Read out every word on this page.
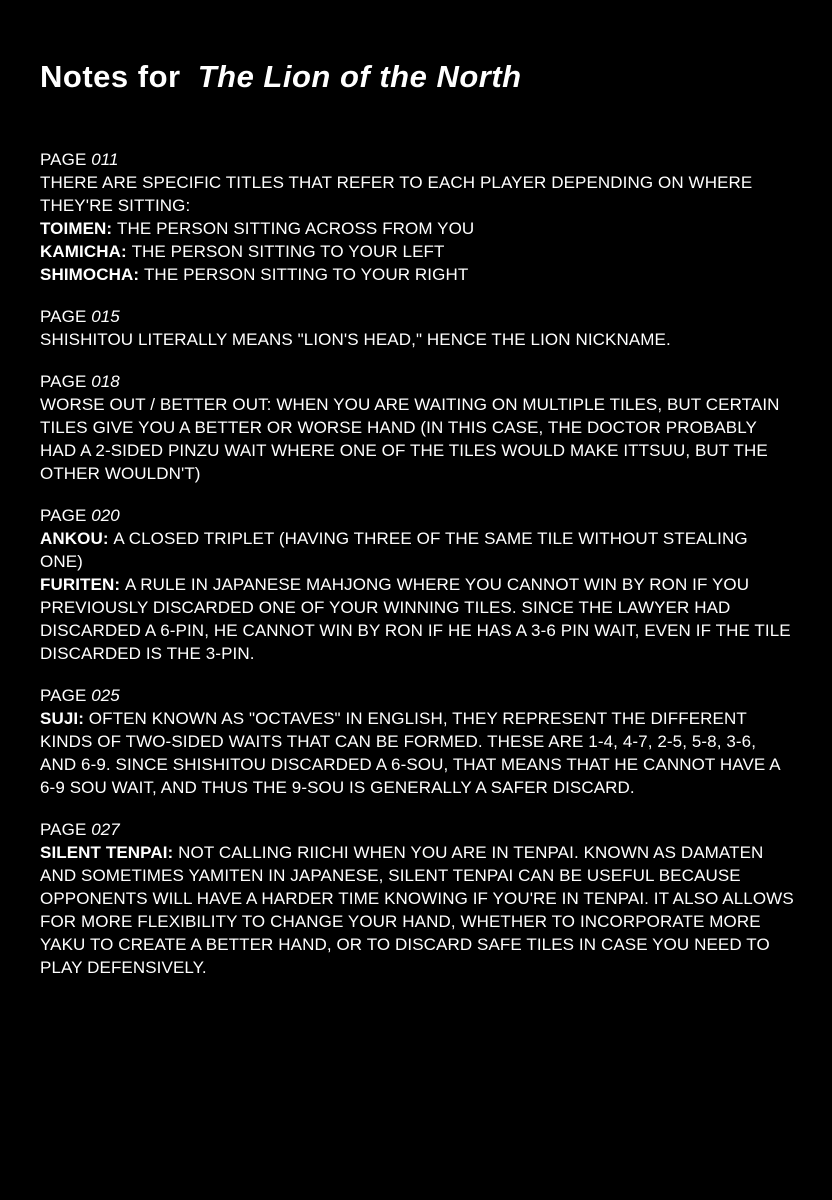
Notes for The Lion of the North
PAGE 011

THERE ARE SPECIFIC TITLES THAT REFER TO EACH PLAYER DEPENDING ON WHERE THEY'RE SITTING:

TOIMEN: THE PERSON SITTING ACROSS FROM YOU

KAMICHA: THE PERSON SITTING TO YOUR LEFT

SHIMOCHA: THE PERSON SITTING TO YOUR RIGHT

PAGE 015

SHISHITOU LITERALLY MEANS "LION'S HEAD," HENCE THE LION NICKNAME.

PAGE 018

WORSE OUT / BETTER OUT: WHEN YOU ARE WAITING ON MULTIPLE TILES, BUT CERTAIN TILES GIVE YOU A BETTER OR WORSE HAND (IN THIS CASE, THE DOCTOR PROBABLY HAD A 2-SIDED PINZU WAIT WHERE ONE OF THE TILES WOULD MAKE ITTSUU, BUT THE OTHER WOULDN'T)

PAGE 020

ANKOU: A CLOSED TRIPLET (HAVING THREE OF THE SAME TILE WITHOUT STEALING ONE)

FURITEN: A RULE IN JAPANESE MAHJONG WHERE YOU CANNOT WIN BY RON IF YOU PREVIOUSLY DISCARDED ONE OF YOUR WINNING TILES. SINCE THE LAWYER HAD DISCARDED A 6-PIN, HE CANNOT WIN BY RON IF HE HAS A 3-6 PIN WAIT, EVEN IF THE TILE DISCARDED IS THE 3-PIN.

PAGE 025

SUJI: OFTEN KNOWN AS "OCTAVES" IN ENGLISH, THEY REPRESENT THE DIFFERENT KINDS OF TWO-SIDED WAITS THAT CAN BE FORMED. THESE ARE 1-4, 4-7, 2-5, 5-8, 3-6, AND 6-9. SINCE SHISHITOU DISCARDED A 6-SOU, THAT MEANS THAT HE CANNOT HAVE A 6-9 SOU WAIT, AND THUS THE 9-SOU IS GENERALLY A SAFER DISCARD.

PAGE 027

SILENT TENPAI: NOT CALLING RIICHI WHEN YOU ARE IN TENPAI. KNOWN AS DAMATEN AND SOMETIMES YAMITEN IN JAPANESE, SILENT TENPAI CAN BE USEFUL BECAUSE OPPONENTS WILL HAVE A HARDER TIME KNOWING IF YOU'RE IN TENPAI. IT ALSO ALLOWS FOR MORE FLEXIBILITY TO CHANGE YOUR HAND, WHETHER TO INCORPORATE MORE YAKU TO CREATE A BETTER HAND, OR TO DISCARD SAFE TILES IN CASE YOU NEED TO PLAY DEFENSIVELY.
